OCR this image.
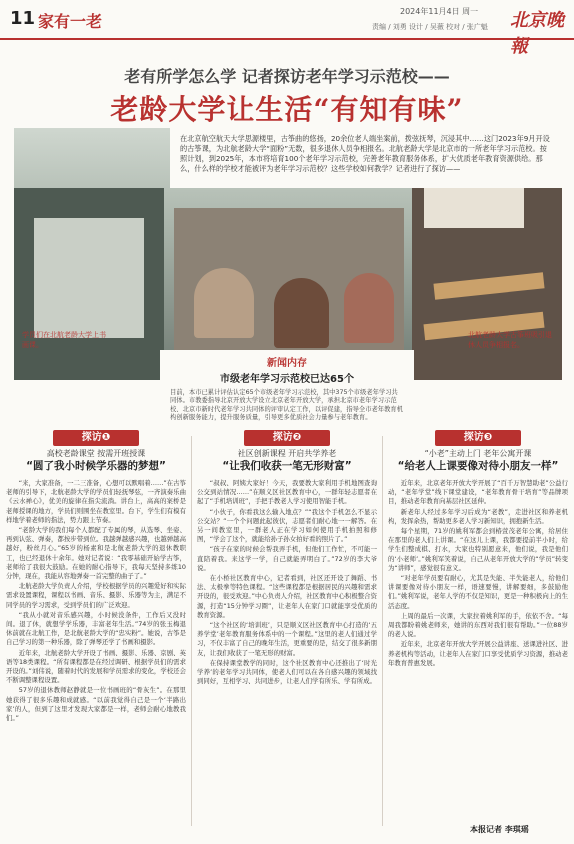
11 家有一老
2024年11月4日 周一
责编 / 刘勇 设计 / 吴薇 校对 / 张广魁 北京晚報
老有所学怎么学 记者探访老年学习示范校——
老龄大学让生活“有知有味”
在北京航空航天大学思源楼里，古筝曲的悠扬，20余位老人端坐案前，拨弦抚琴，沉浸其中……这门2023年9月开设的古筝课，为北航老龄大学“面粉”无数，很多退休人员争相报名。北航老龄大学是北京市的一所老年学习示范校。按照计划，到2025年，本市将培育100个老年学习示范校，完善老年教育服务体系，扩大优质老年教育资源供给。那么，什么样的学校才能被评为老年学习示范校？这些学校如何教学？记者进行了探访——
学员们在北航老龄大学上书画课。
北航老龄大学古筝班吸引退休人员争相报名。
新闻内存
市级老年学习示范校已达65个
目前，本市已累计评估认定65个市级老年学习示范校，其中375个市级老年学习共同体。市教委指导北京开放大学设立北京老年开放大学，承担北京市老年学习示范校、北京市新时代老年学习共同体的评审认定工作，以评促建，指导全市老年教育机构创新服务能力，提升服务质量，引导更多优质社会力量参与老年教育。
探访❶
高校老龄课堂 按需开班授课
“圆了我小时候学乐器的梦想”

“来，大家准备，一二三准备，心想可以默唱着……”在古筝老师的引导下，北航老龄大学的学员们轻抚琴弦，一齐演奏乐曲《云水禅心》，优美的旋律在指尖流淌。讲台上，高高的案桥是老师授课的地方，学员们则围坐在教室里。台下，学生们有模有样地学着老师的指法，势力跟上节奏。

“老龄大学的我们每个人都配了专属的琴，从选琴、坐姿、再到认弦、弹奏，都按步带到位。我越弹越感兴趣，也越弹越高越好，粉丝月心。”65岁的杨素和是北航老龄大学的退休教职工，也已经退休十余年。她对记者说：“我零基础开始学古筝，老师给了我很大鼓励。在她的耐心指导下，我每天坚持多练10分钟，现在，我能从容地弹奏一首完整的曲子了。”

北航老龄大学负责人介绍，学校根据学员的兴趣爱好和实际需求设置课程，课程以书画、音乐、摄影、乐器等为主，满足不同学员的学习需求，受到学员们的广泛欢迎。

“我从小就对音乐感兴趣，小时候没条件，工作后又没时间。退了休，就想学学乐器，丰富老年生活。”74岁的张玉梅退休前就在北航工作，是北航老龄大学的“忠实粉”。她说，古筝是自己学习的第一种乐器，除了弹琴还学了书画和摄影。

近年来，北航老龄大学开设了书画、摄影、乐器、京剧、英语等18类课程。“所有课程都是在经过调研、根据学员们的需求开设的。”刘伟说，随着时代的发展和学员需求的变化，学校还会不断调整课程设置。

57岁的退休教师赵静就是一位书画班的“骨灰生”。在那里她获得了很多乐趣和成就感。“以前我觉得自己是一个‘半路出家’的人，但到了这里才发现大家都是一样，老师会耐心地教我们。”

探访❷
社区创新课程 开启共学养老
“让我们收获一笔无形财富”

“叔叔、阿姨大家好！今天，我要教大家利用手机地图查询公交到站情况……”在顺义区社区教育中心，一群年轻志愿者在起了“手机培训班”，手把手教老人学习使用智能手机。

“小伙子，你看我这么输入地点？”“我这个手机怎么不显示公交站？”一个个问题此起彼伏，志愿者们耐心地一一解答。在另一间教室里，一群老人正在学习如何使用手机拍照和修图，“学会了这个，就能给孙子孙女拍好看的照片了。”

“孩子在家的时候会帮我弄手机，但他们工作忙，不可能一直陪着我。来这学一学，自己就能弄明白了。”72岁的李大爷说。

在小桥社区教育中心，记者看到，社区还开设了舞蹈、书法、太极拳等特色课程。“这些课程都是根据居民的兴趣和需求开设的，很受欢迎。”中心负责人介绍，社区教育中心积极整合资源，打造“15分钟学习圈”，让老年人在家门口就能享受优质的教育资源。

“这个社区的‘培训班’，只是顺义区社区教育中心打造的‘五养学堂’老年教育服务体系中的一个课程。”这里的老人们通过学习，不仅丰富了自己的晚年生活，更重要的是，结交了很多新朋友，让我们收获了一笔无形的财富。

在保持课堂教学的同时，这个社区教育中心还推出了‘时光学养’的老年学习共同体，使老人们可以在各自感兴趣的领域找到同好，互相学习、共同进步，让老人们学有所乐、学有所成。

探访❸
“小老”主动上门 老年公寓开课
“给老人上课要像对待小朋友一样”

近年来，北京老年开放大学开展了“百千万智慧助老”公益行动，“老年学堂”线下课堂建设，“老年教育骨干培育”等品牌项目，推动老年教育向基层社区延伸。

新老年人经过多年学习后成为“老教”，走进社区和养老机构，发挥余热，帮助更多老人学习新知识，拥抱新生活。

每个星期，71岁的姚利军都会到椿萱茂老年公寓，给居住在那里的老人们上讲课。“在这儿上课，我都要提前半小时，给学生们整成棋、打水，大家也特别愿意来，他们说，我是他们的‘小老师’。”姚利军笑着说，自己从老年开放大学的“学员”转变为“讲师”，感觉很有意义。

“对老年学员要有耐心，尤其是失能、半失能老人，给他们讲课要像对待小朋友一样，语速要慢，讲解要细，多鼓励他们。”姚利军说，老年人学的不仅是知识，更是一种积极向上的生活态度。

上周的最后一次课，大家拉着姚利军的手，依依不舍。“每周我都盼着姚老师来，她讲的东西对我们很有帮助。”一位88岁的老人说。

近年来，北京老年开放大学开展公益讲座、送课进社区、进养老机构等活动，让老年人在家门口享受优质学习资源，推动老年教育普惠发展。

本报记者 李琪瑶
